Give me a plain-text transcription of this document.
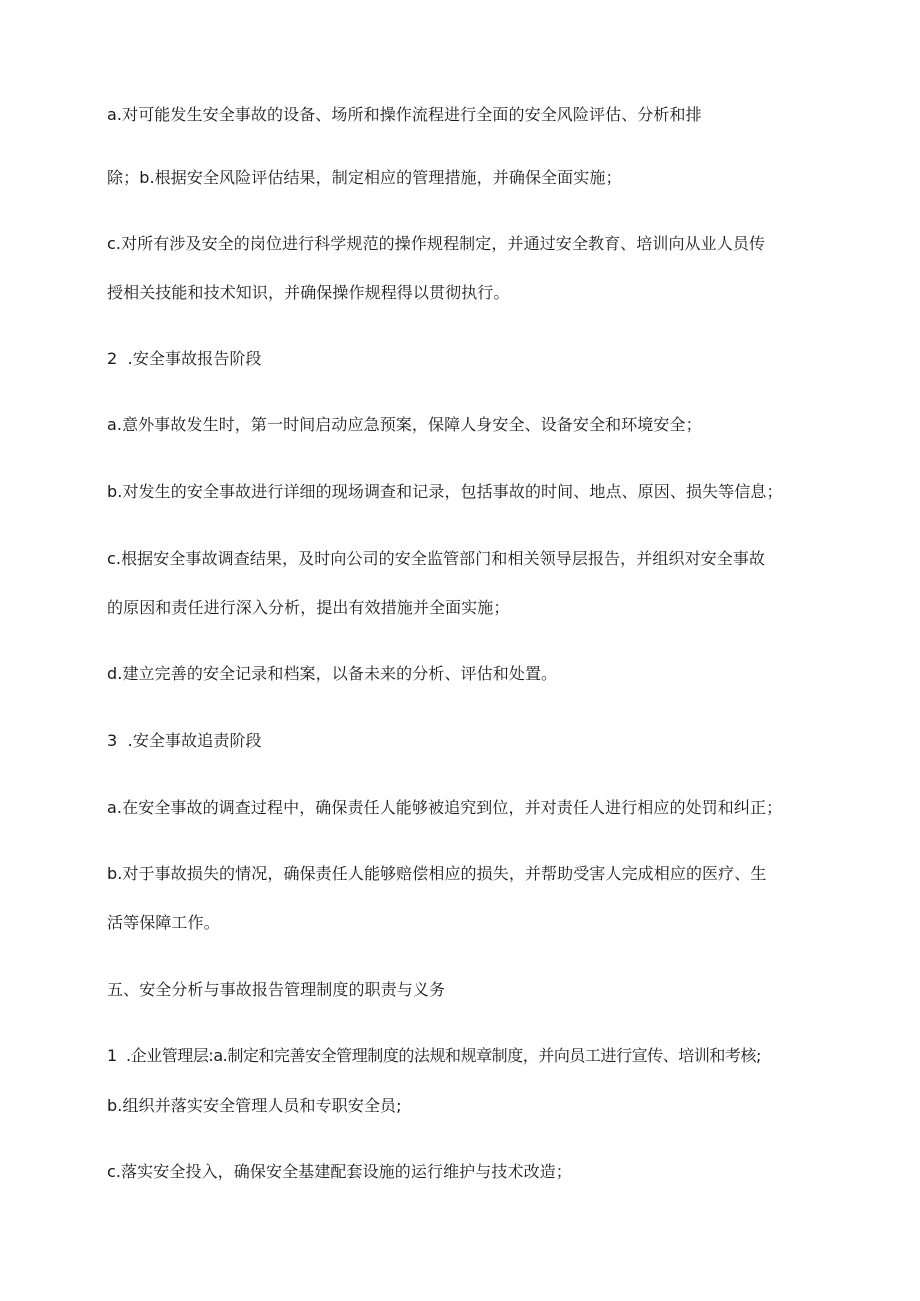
a.对可能发生安全事故的设备、场所和操作流程进行全面的安全风险评估、分析和排
除；b.根据安全风险评估结果，制定相应的管理措施，并确保全面实施；
c.对所有涉及安全的岗位进行科学规范的操作规程制定，并通过安全教育、培训向从业人员传
授相关技能和技术知识，并确保操作规程得以贯彻执行。
2  .安全事故报告阶段
a.意外事故发生时，第一时间启动应急预案，保障人身安全、设备安全和环境安全；
b.对发生的安全事故进行详细的现场调查和记录，包括事故的时间、地点、原因、损失等信息；
c.根据安全事故调查结果，及时向公司的安全监管部门和相关领导层报告，并组织对安全事故
的原因和责任进行深入分析，提出有效措施并全面实施；
d.建立完善的安全记录和档案，以备未来的分析、评估和处置。
3  .安全事故追责阶段
a.在安全事故的调查过程中，确保责任人能够被追究到位，并对责任人进行相应的处罚和纠正；
b.对于事故损失的情况，确保责任人能够赔偿相应的损失，并帮助受害人完成相应的医疗、生
活等保障工作。
五、安全分析与事故报告管理制度的职责与义务
1  .企业管理层:a.制定和完善安全管理制度的法规和规章制度，并向员工进行宣传、培训和考核;
b.组织并落实安全管理人员和专职安全员;
c.落实安全投入，确保安全基建配套设施的运行维护与技术改造；
